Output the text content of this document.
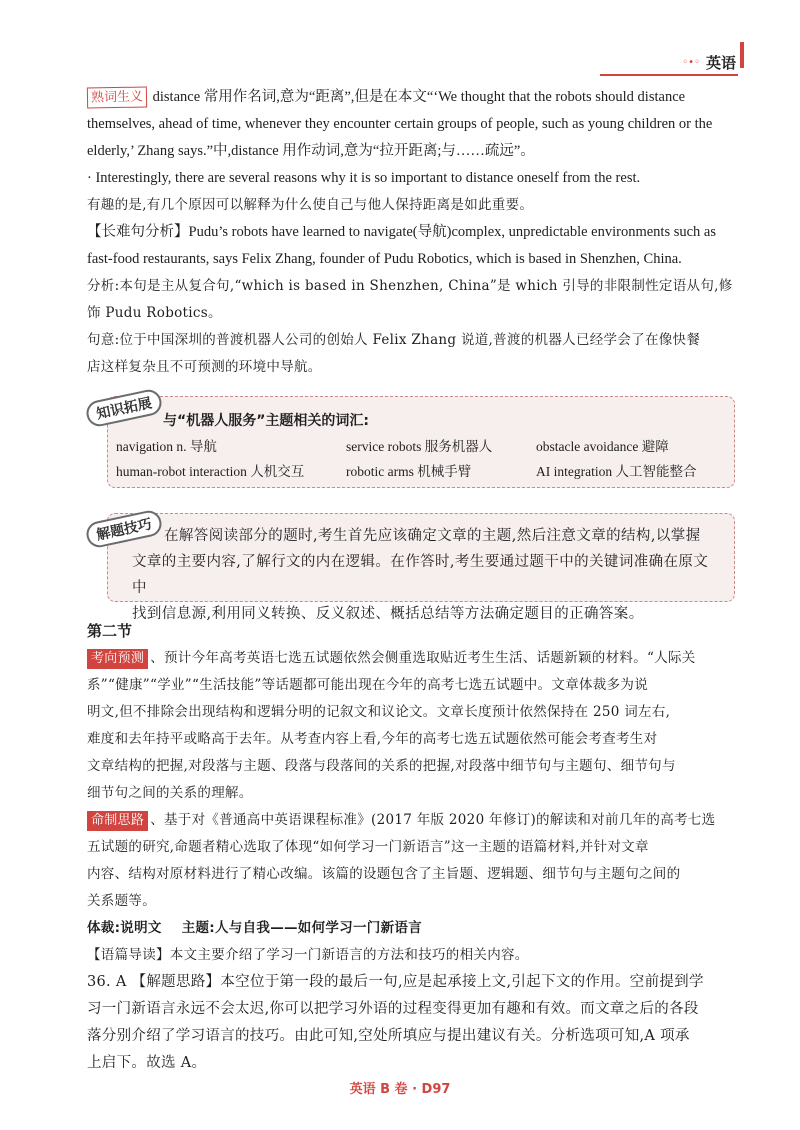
◦•◦ 英语

熟词生义 distance 常用作名词,意为“距离”,但是在本文“‘We thought that the robots should distance

themselves, ahead of time, whenever they encounter certain groups of people, such as young children or the

elderly,’ Zhang says.”中,distance 用作动词,意为“拉开距离;与……疏远”。

· Interestingly, there are several reasons why it is so important to distance oneself from the rest.

有趣的是,有几个原因可以解释为什么使自己与他人保持距离是如此重要。

【长难句分析】Pudu’s robots have learned to navigate(导航)complex, unpredictable environments such as

fast-food restaurants, says Felix Zhang, founder of Pudu Robotics, which is based in Shenzhen, China.

分析:本句是主从复合句,“which is based in Shenzhen, China”是 which 引导的非限制性定语从句,修

饰 Pudu Robotics。

句意:位于中国深圳的普渡机器人公司的创始人 Felix Zhang 说道,普渡的机器人已经学会了在像快餐

店这样复杂且不可预测的环境中导航。

知识拓展 与“机器人服务”主题相关的词汇:
navigation n. 导航	service robots 服务机器人	obstacle avoidance 避障
human-robot interaction 人机交互	robotic arms 机械手臂	AI integration 人工智能整合
解题技巧 在解答阅读部分的题时,考生首先应该确定文章的主题,然后注意文章的结构,以掌握
文章的主要内容,了解行文的内在逻辑。在作答时,考生要通过题干中的关键词准确在原文中
找到信息源,利用同义转换、反义叙述、概括总结等方法确定题目的正确答案。

第二节

考向预测 、预计今年高考英语七选五试题依然会侧重选取贴近考生生活、话题新颖的材料。“人际关

系”“健康”“学业”“生活技能”等话题都可能出现在今年的高考七选五试题中。文章体裁多为说

明文,但不排除会出现结构和逻辑分明的记叙文和议论文。文章长度预计依然保持在 250 词左右,

难度和去年持平或略高于去年。从考查内容上看,今年的高考七选五试题依然可能会考查考生对

文章结构的把握,对段落与主题、段落与段落间的关系的把握,对段落中细节句与主题句、细节句与

细节句之间的关系的理解。

命制思路 、基于对《普通高中英语课程标准》(2017 年版 2020 年修订)的解读和对前几年的高考七选

五试题的研究,命题者精心选取了体现“如何学习一门新语言”这一主题的语篇材料,并针对文章

内容、结构对原材料进行了精心改编。该篇的设题包含了主旨题、逻辑题、细节句与主题句之间的

关系题等。

体裁:说明文 主题:人与自我——如何学习一门新语言

【语篇导读】本文主要介绍了学习一门新语言的方法和技巧的相关内容。

36. A 【解题思路】本空位于第一段的最后一句,应是起承接上文,引起下文的作用。空前提到学

习一门新语言永远不会太迟,你可以把学习外语的过程变得更加有趣和有效。而文章之后的各段

落分别介绍了学习语言的技巧。由此可知,空处所填应与提出建议有关。分析选项可知,A 项承

上启下。故选 A。

英语 B 卷 · D97
